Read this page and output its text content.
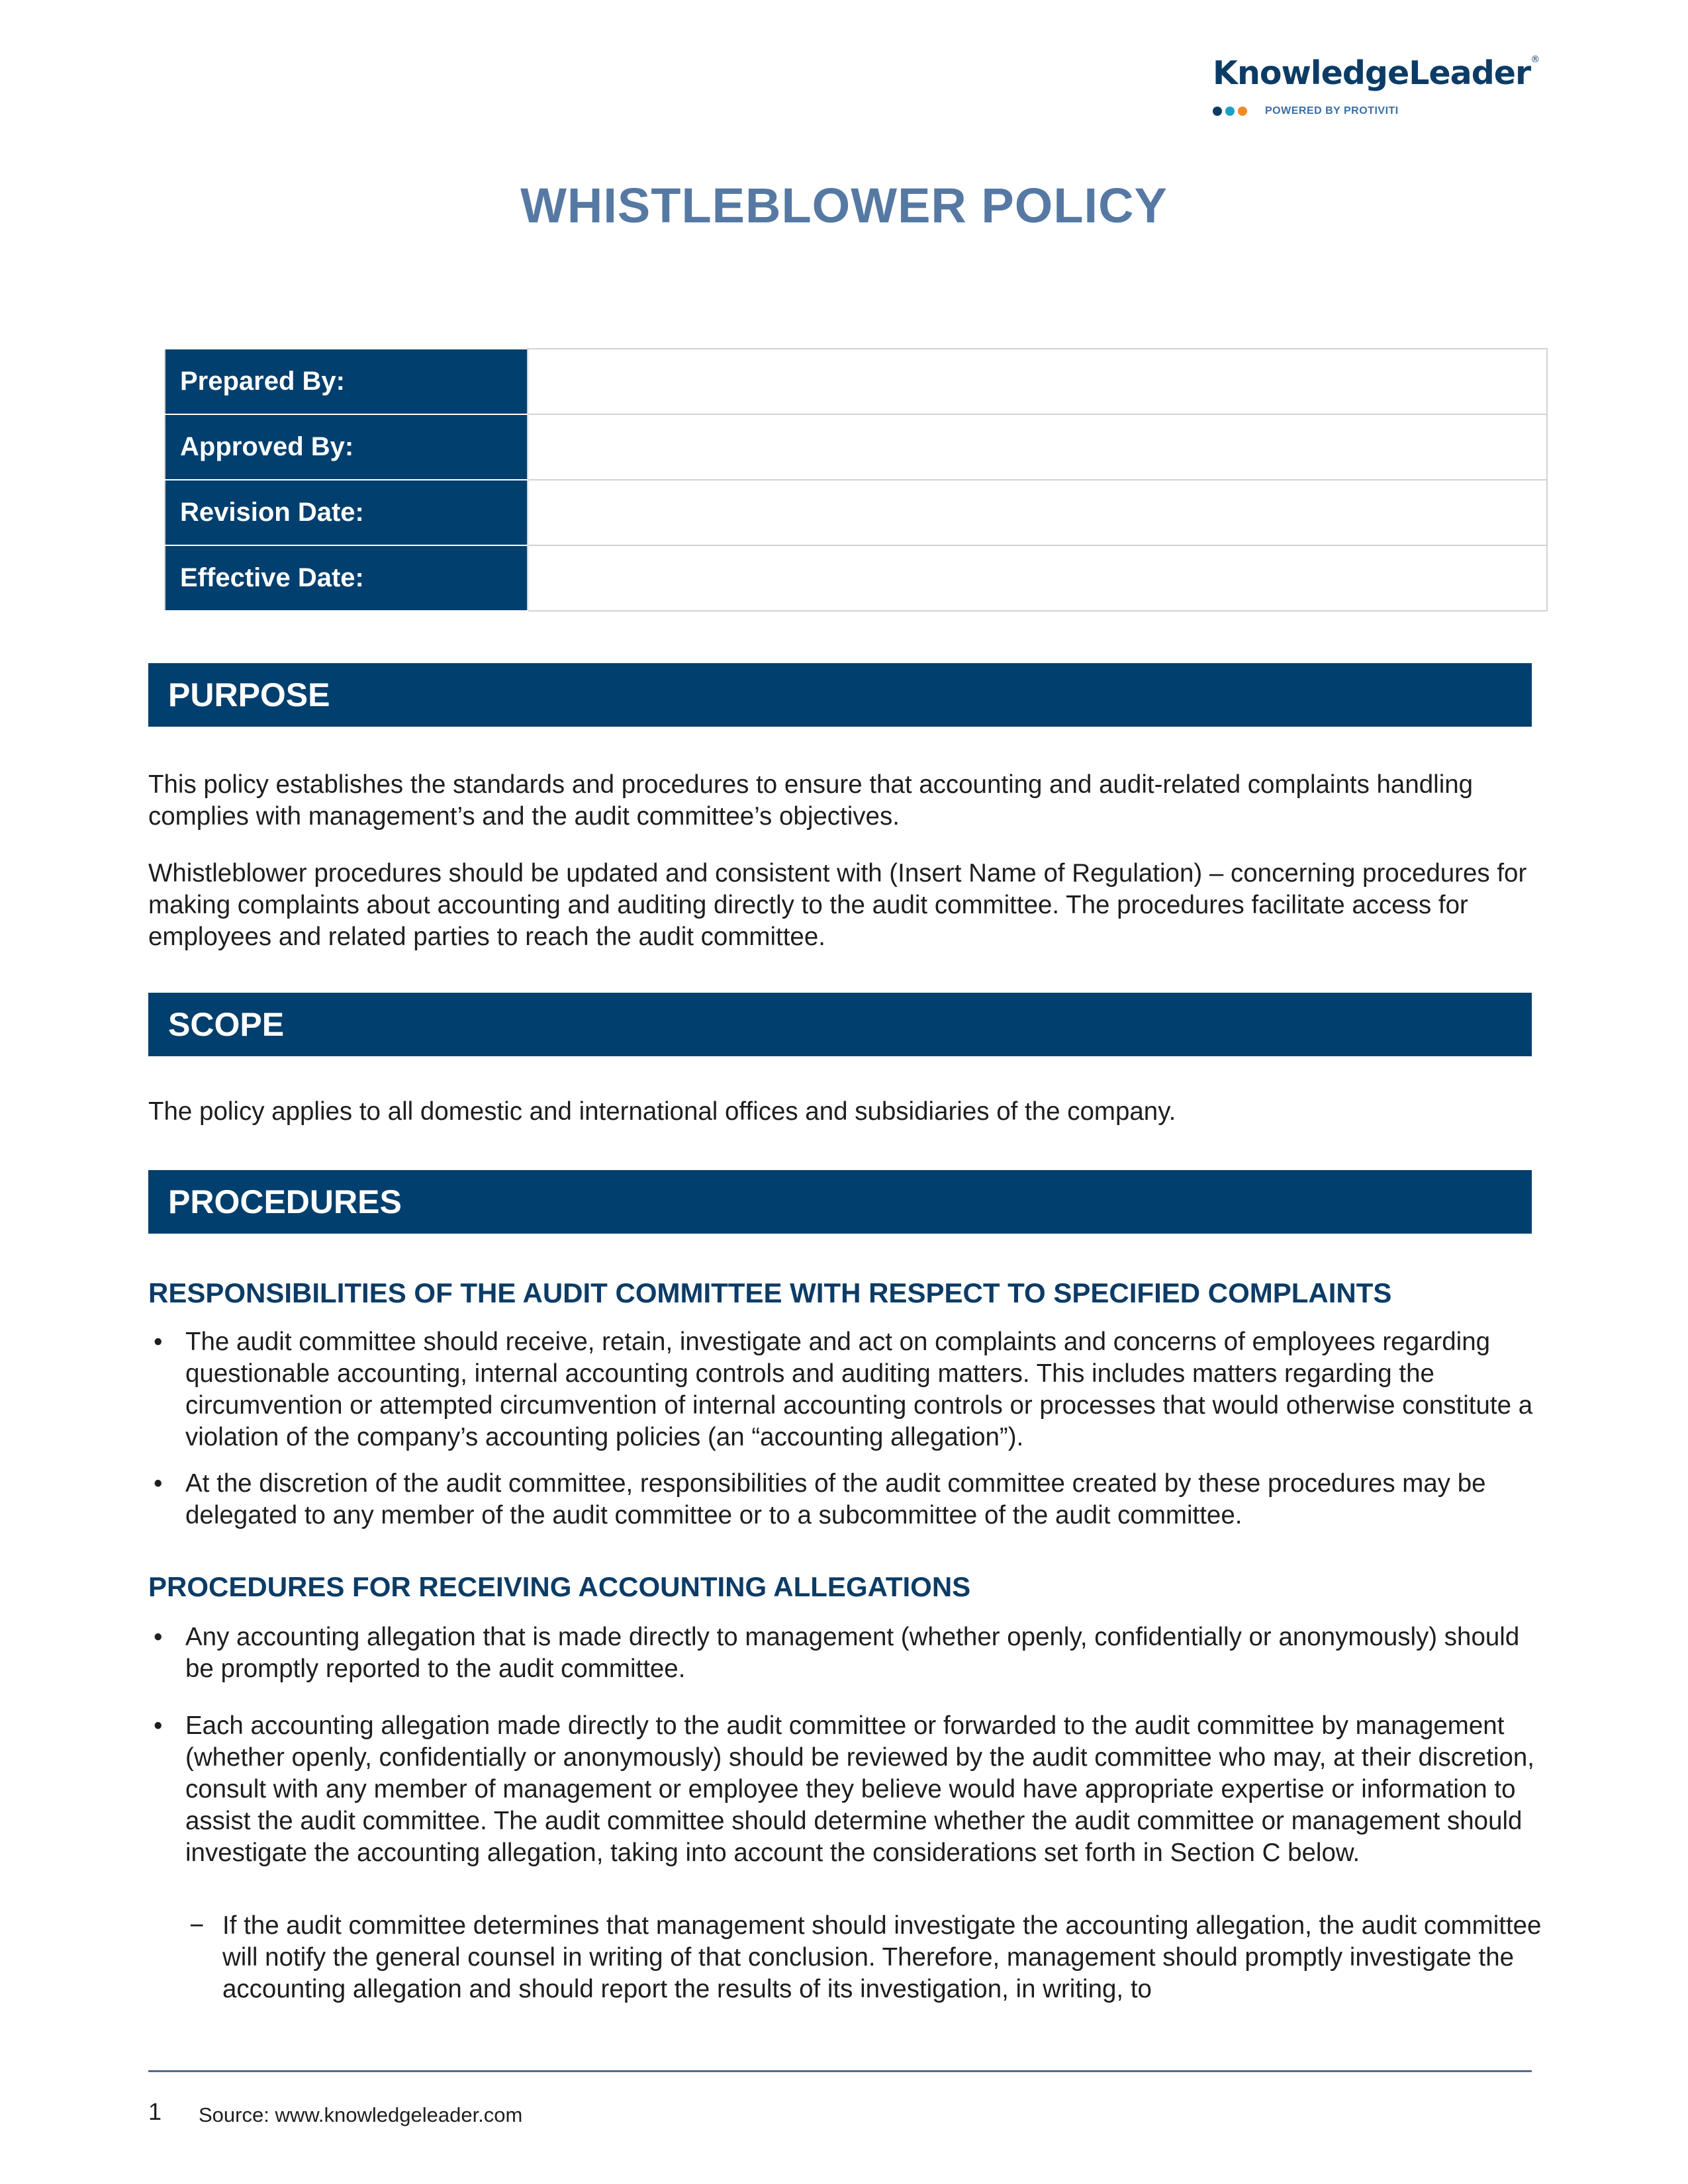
KnowledgeLeader®
POWERED BY PROTIVITI
WHISTLEBLOWER POLICY
Prepared By:	
Approved By:	
Revision Date:	
Effective Date:	
PURPOSE

This policy establishes the standards and procedures to ensure that accounting and audit-related complaints handling complies with management’s and the audit committee’s objectives.

Whistleblower procedures should be updated and consistent with (Insert Name of Regulation) – concerning procedures for making complaints about accounting and auditing directly to the audit committee. The procedures facilitate access for employees and related parties to reach the audit committee.

SCOPE

The policy applies to all domestic and international offices and subsidiaries of the company.

PROCEDURES
RESPONSIBILITIES OF THE AUDIT COMMITTEE WITH RESPECT TO SPECIFIED COMPLAINTS
• The audit committee should receive, retain, investigate and act on complaints and concerns of employees regarding questionable accounting, internal accounting controls and auditing matters. This includes matters regarding the circumvention or attempted circumvention of internal accounting controls or processes that would otherwise constitute a violation of the company’s accounting policies (an “accounting allegation”).
• At the discretion of the audit committee, responsibilities of the audit committee created by these procedures may be delegated to any member of the audit committee or to a subcommittee of the audit committee.
PROCEDURES FOR RECEIVING ACCOUNTING ALLEGATIONS
• Any accounting allegation that is made directly to management (whether openly, confidentially or anonymously) should be promptly reported to the audit committee.
• Each accounting allegation made directly to the audit committee or forwarded to the audit committee by management (whether openly, confidentially or anonymously) should be reviewed by the audit committee who may, at their discretion, consult with any member of management or employee they believe would have appropriate expertise or information to assist the audit committee. The audit committee should determine whether the audit committee or management should investigate the accounting allegation, taking into account the considerations set forth in Section C below.
− If the audit committee determines that management should investigate the accounting allegation, the audit committee will notify the general counsel in writing of that conclusion. Therefore, management should promptly investigate the accounting allegation and should report the results of its investigation, in writing, to
1 Source: www.knowledgeleader.com
